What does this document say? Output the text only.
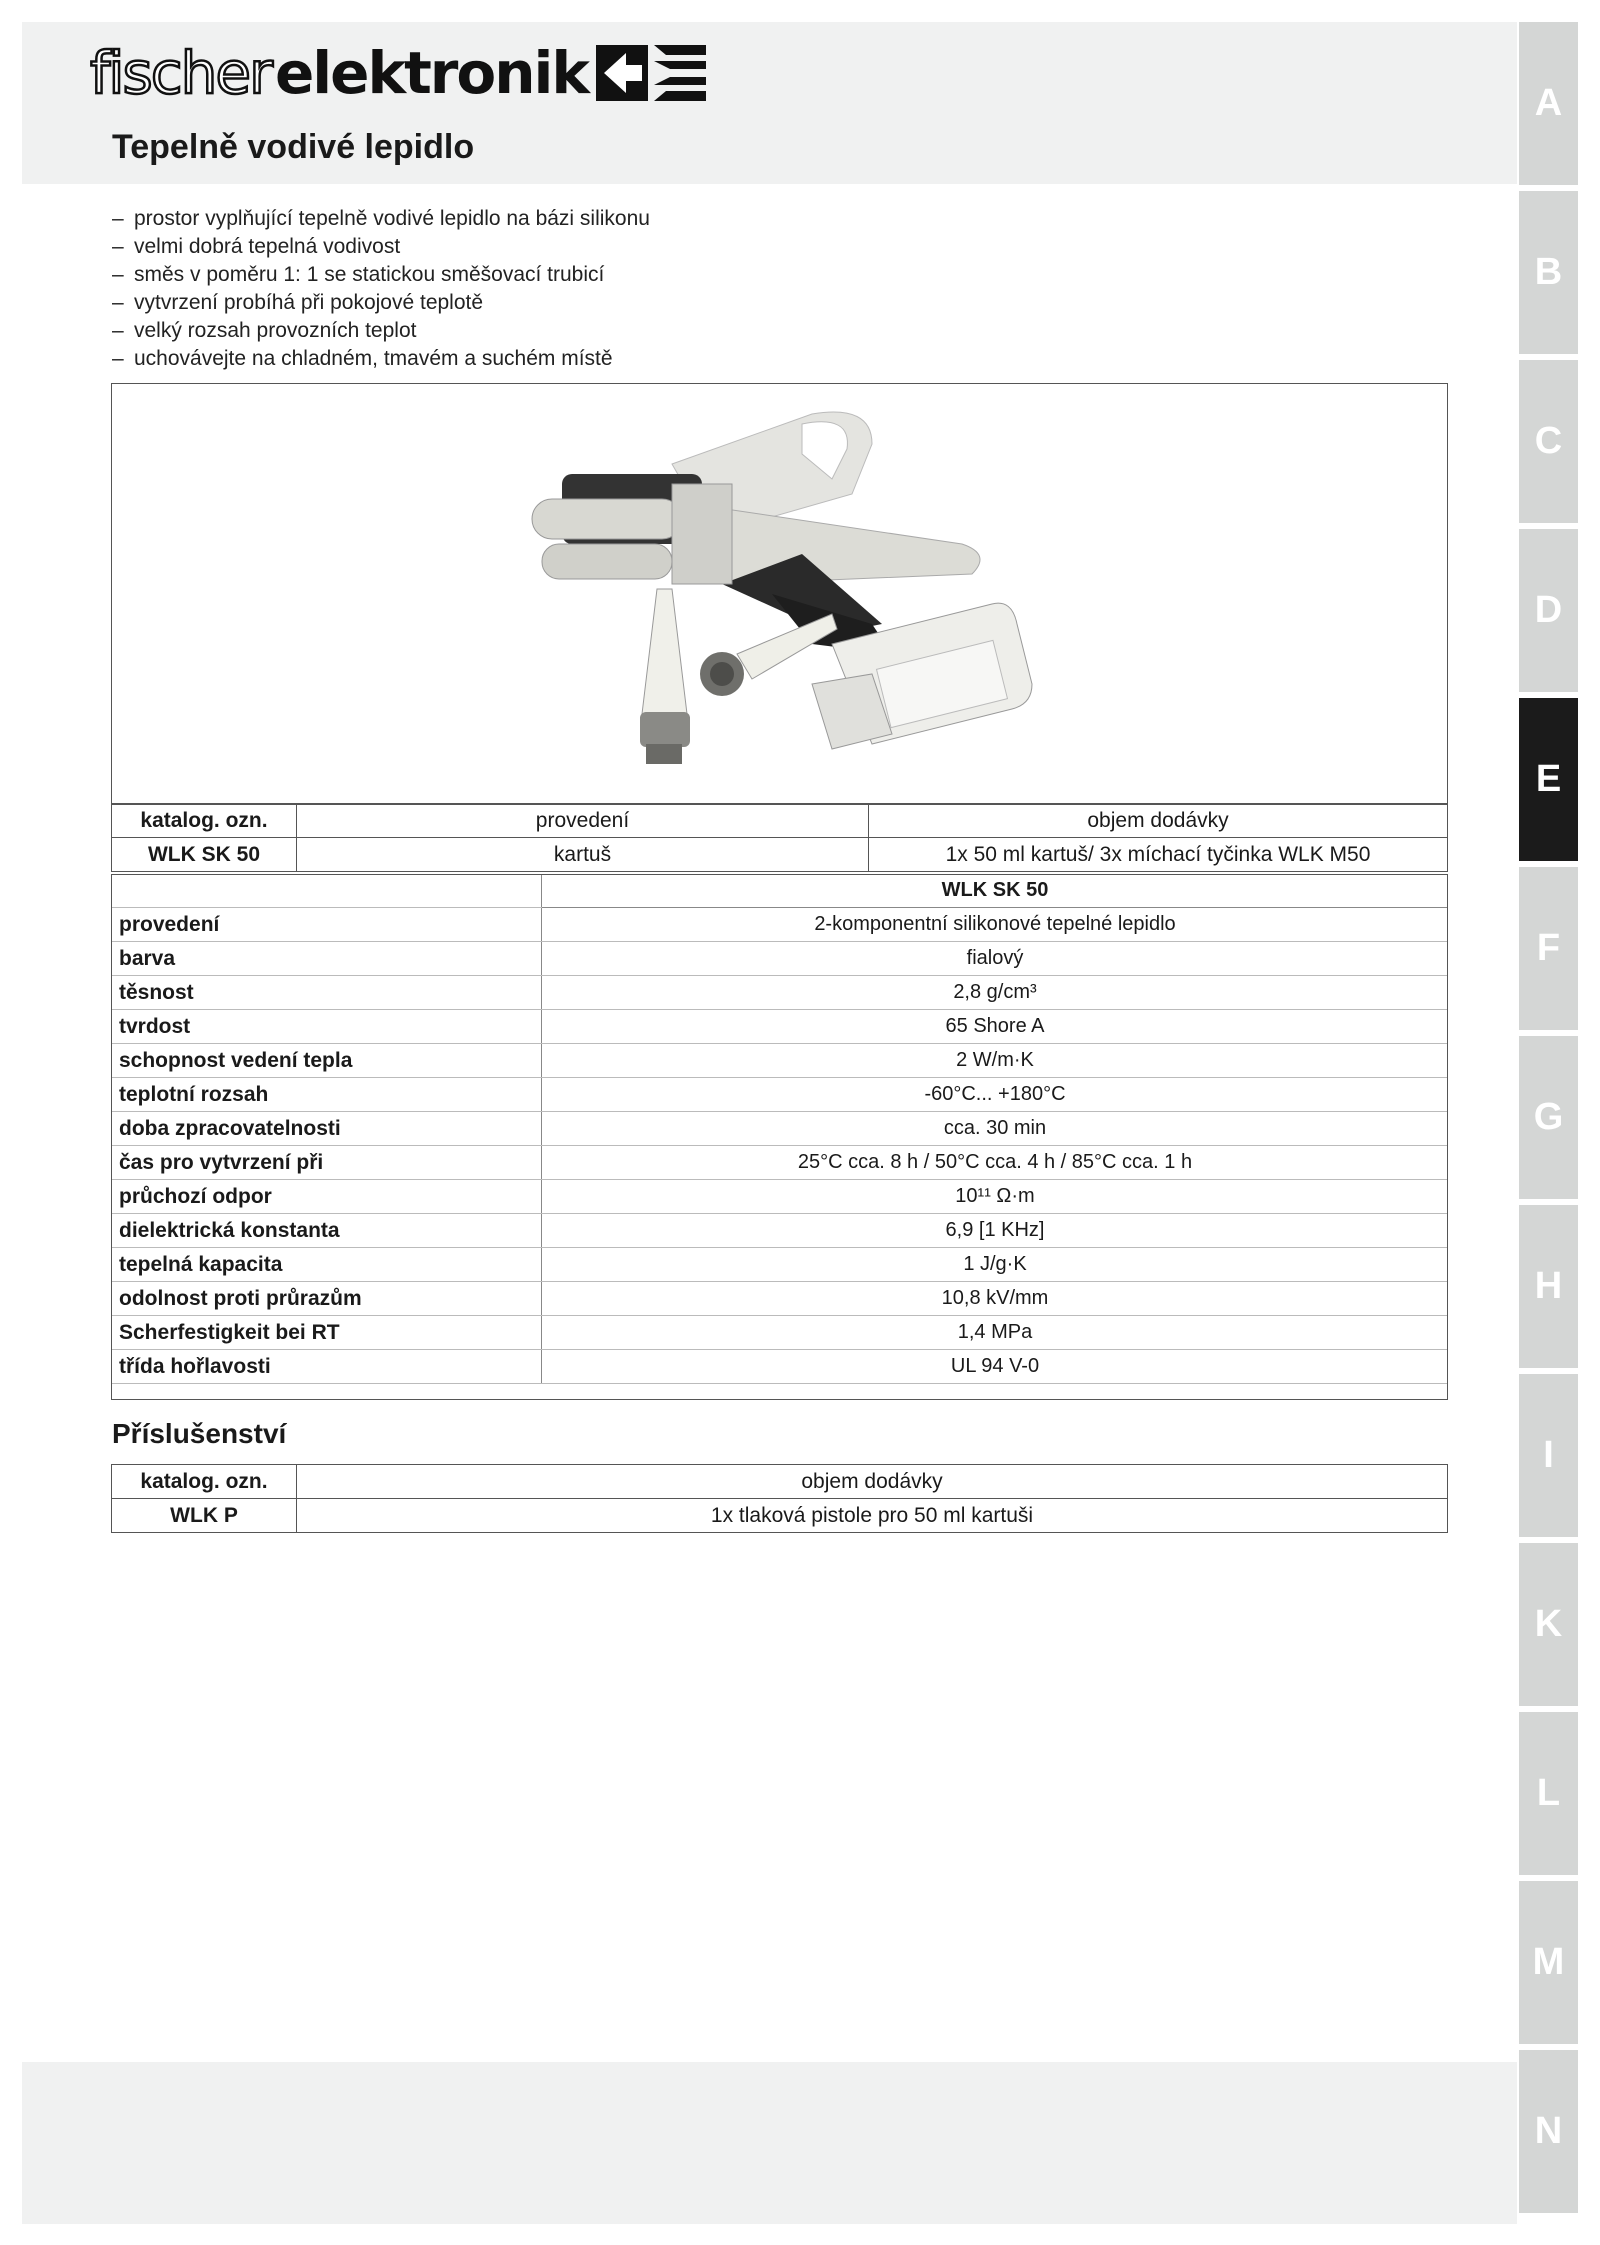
fischer elektronik
Tepelně vodivé lepidlo
– prostor vyplňující tepelně vodivé lepidlo na bázi silikonu
– velmi dobrá tepelná vodivost
– směs v poměru 1: 1 se statickou směšovací trubicí
– vytvrzení probíhá při pokojové teplotě
– velký rozsah provozních teplot
– uchovávejte na chladném, tmavém a suchém místě
katalog. ozn.	provedení	objem dodávky
WLK SK 50	kartuš	1x 50 ml kartuš/ 3x míchací tyčinka WLK M50
	WLK SK 50
provedení	2-komponentní silikonové tepelné lepidlo
barva	fialový
těsnost	2,8 g/cm³
tvrdost	65 Shore A
schopnost vedení tepla	2 W/m·K
teplotní rozsah	-60°C... +180°C
doba zpracovatelnosti	cca. 30 min
čas pro vytvrzení při	25°C cca. 8 h / 50°C cca. 4 h / 85°C cca. 1 h
průchozí odpor	10¹¹ Ω·m
dielektrická konstanta	6,9 [1 KHz]
tepelná kapacita	1 J/g·K
odolnost proti průrazům	10,8 kV/mm
Scherfestigkeit bei RT	1,4 MPa
třída hořlavosti	UL 94 V-0
Příslušenství
katalog. ozn.	objem dodávky
WLK P	1x tlaková pistole pro 50 ml kartuši
A
B
C
D
E
F
G
H
I
K
L
M
N
